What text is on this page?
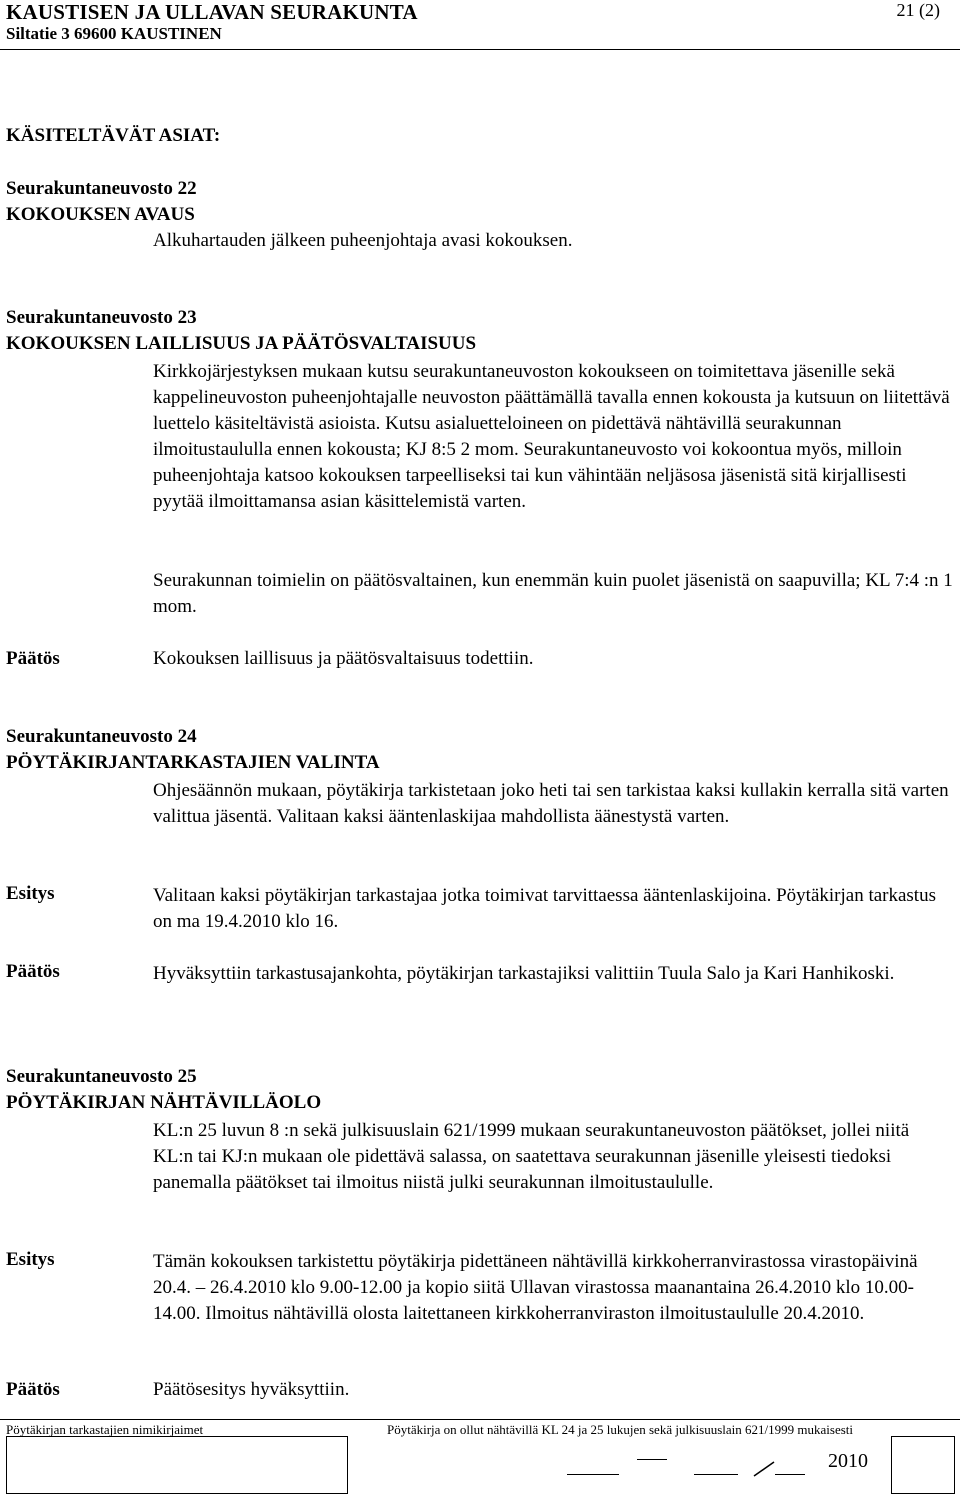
KAUSTISEN JA ULLAVAN SEURAKUNTA
Siltatie 3 69600 KAUSTINEN
21 (2)
KÄSITELTÄVÄT ASIAT:
Seurakuntaneuvosto 22
KOKOUKSEN AVAUS
Alkuhartauden jälkeen puheenjohtaja avasi kokouksen.
Seurakuntaneuvosto 23
KOKOUKSEN LAILLISUUS JA PÄÄTÖSVALTAISUUS

Kirkkojärjestyksen mukaan kutsu seurakuntaneuvoston kokoukseen on toimitettava jäsenille sekä kappelineuvoston puheenjohtajalle neuvoston päättämällä tavalla ennen kokousta ja kutsuun on liitettävä luettelo käsiteltävistä asioista. Kutsu asialuetteloineen on pidettävä nähtävillä seurakunnan ilmoitustaululla ennen kokousta; KJ 8:5 2 mom. Seurakuntaneuvosto voi kokoontua myös, milloin puheenjohtaja katsoo kokouksen tarpeelliseksi tai kun vähintään neljäsosa jäsenistä sitä kirjallisesti pyytää ilmoittamansa asian käsittelemistä varten.

Seurakunnan toimielin on päätösvaltainen, kun enemmän kuin puolet jäsenistä on saapuvilla; KL 7:4 :n 1 mom.

Päätös	Kokouksen laillisuus ja päätösvaltaisuus todettiin.
Seurakuntaneuvosto 24
PÖYTÄKIRJANTARKASTAJIEN VALINTA

Ohjesäännön mukaan, pöytäkirja tarkistetaan joko heti tai sen tarkistaa kaksi kullakin kerralla sitä varten valittua jäsentä. Valitaan kaksi ääntenlaskijaa mahdollista äänestystä varten.

Esitys	Valitaan kaksi pöytäkirjan tarkastajaa jotka toimivat tarvittaessa ääntenlaskijoina. Pöytäkirjan tarkastus on ma 19.4.2010 klo 16.

Päätös	Hyväksyttiin tarkastusajankohta, pöytäkirjan tarkastajiksi valittiin Tuula Salo ja Kari Hanhikoski.

Seurakuntaneuvosto 25
PÖYTÄKIRJAN NÄHTÄVILLÄOLO

KL:n 25 luvun 8 :n sekä julkisuuslain 621/1999 mukaan seurakuntaneuvoston päätökset, jollei niitä KL:n tai KJ:n mukaan ole pidettävä salassa, on saatettava seurakunnan jäsenille yleisesti tiedoksi panemalla päätökset tai ilmoitus niistä julki seurakunnan ilmoitustaululle.

Esitys	Tämän kokouksen tarkistettu pöytäkirja pidettäneen nähtävillä kirkkoherranvirastossa virastopäivinä 20.4. – 26.4.2010 klo 9.00-12.00 ja kopio siitä Ullavan virastossa maanantaina 26.4.2010 klo 10.00-14.00. Ilmoitus nähtävillä olosta laitettaneen kirkkoherranviraston ilmoitustaululle 20.4.2010.

Päätös	Päätösesitys hyväksyttiin.
Pöytäkirjan tarkastajien nimikirjaimet	Pöytäkirja on ollut nähtävillä KL 24 ja 25 lukujen sekä julkisuuslain 621/1999 mukaisesti
2010
